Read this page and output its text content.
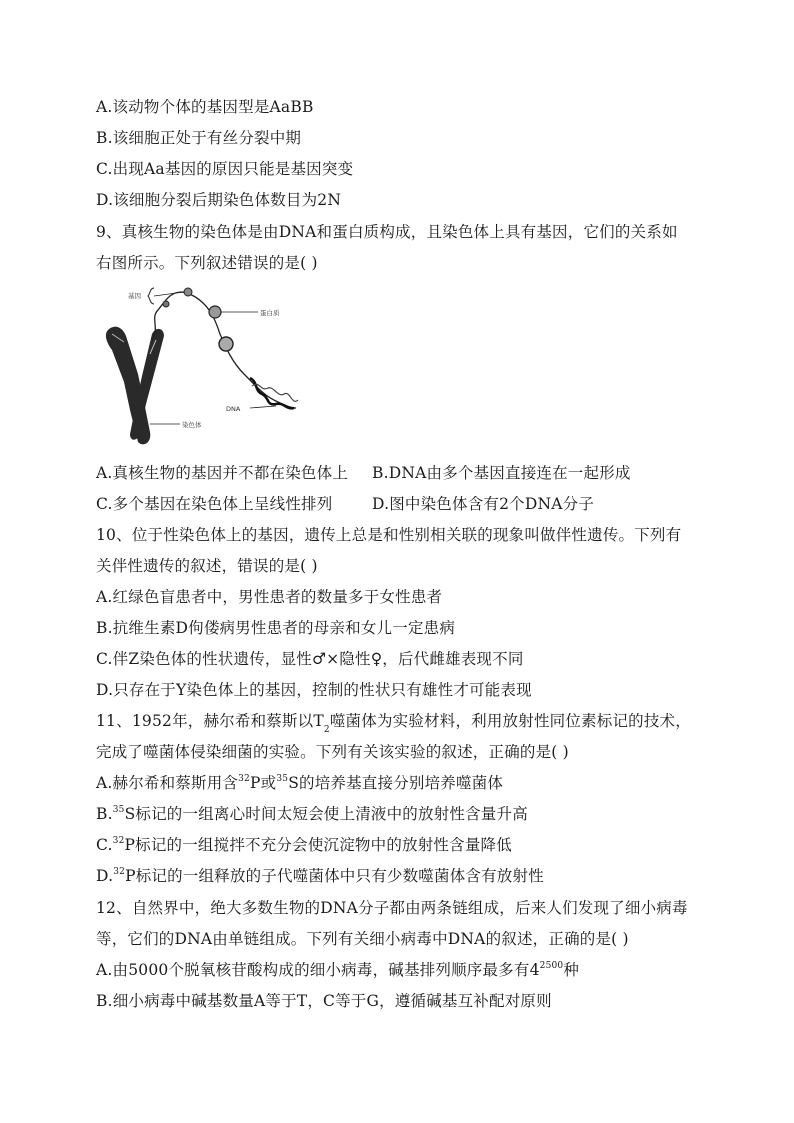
A.该动物个体的基因型是AaBB
B.该细胞正处于有丝分裂中期
C.出现Aa基因的原因只能是基因突变
D.该细胞分裂后期染色体数目为2N
9、真核生物的染色体是由DNA和蛋白质构成，且染色体上具有基因，它们的关系如
右图所示。下列叙述错误的是( )
基因
蛋白质
DNA
染色体
A.真核生物的基因并不都在染色体上 B.DNA由多个基因直接连在一起形成
C.多个基因在染色体上呈线性排列	D.图中染色体含有2个DNA分子
10、位于性染色体上的基因，遗传上总是和性别相关联的现象叫做伴性遗传。下列有
关伴性遗传的叙述，错误的是( )
A.红绿色盲患者中，男性患者的数量多于女性患者
B.抗维生素D佝偻病男性患者的母亲和女儿一定患病
C.伴Z染色体的性状遗传，显性♂×隐性♀，后代雌雄表现不同
D.只存在于Y染色体上的基因，控制的性状只有雄性才可能表现
11、1952年，赫尔希和蔡斯以$T_2$噬菌体为实验材料，利用放射性同位素标记的技术，
完成了噬菌体侵染细菌的实验。下列有关该实验的叙述，正确的是( )
A.赫尔希和蔡斯用含$^{32}$P或$^{35}$S的培养基直接分别培养噬菌体
B.$^{35}$S标记的一组离心时间太短会使上清液中的放射性含量升高
C.$^{32}$P标记的一组搅拌不充分会使沉淀物中的放射性含量降低
D.$^{32}$P标记的一组释放的子代噬菌体中只有少数噬菌体含有放射性
12、自然界中，绝大多数生物的DNA分子都由两条链组成，后来人们发现了细小病毒
等，它们的DNA由单链组成。下列有关细小病毒中DNA的叙述，正确的是( )
A.由5000个脱氧核苷酸构成的细小病毒，碱基排列顺序最多有$4^{2500}$种
B.细小病毒中碱基数量A等于T，C等于G，遵循碱基互补配对原则
